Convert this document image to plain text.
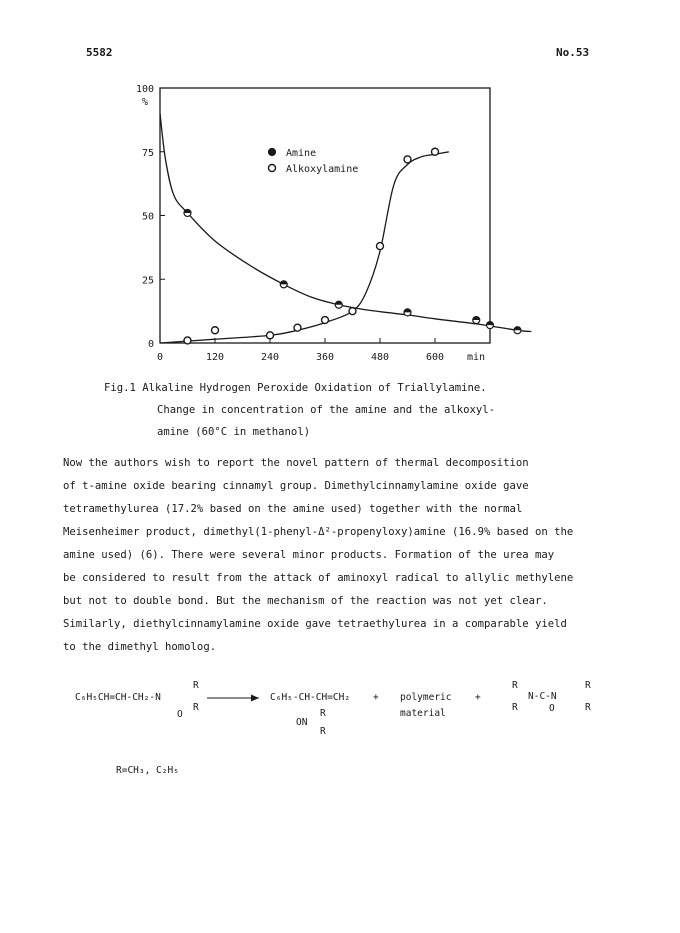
5582	No.53
0
25
50
75
100
0	120	240	360	480	600
%
min
Amine
Alkoxylamine
Fig.1 Alkaline Hydrogen Peroxide Oxidation of Triallylamine.
Change in concentration of the amine and the alkoxyl-
amine (60°C in methanol)

Now the authors wish to report the novel pattern of thermal decomposition

of t-amine oxide bearing cinnamyl group. Dimethylcinnamylamine oxide gave

tetramethylurea (17.2% based on the amine used) together with the normal

Meisenheimer product, dimethyl(1-phenyl-Δ²-propenyloxy)amine (16.9% based on the

amine used) (6). There were several minor products. Formation of the urea may

be considered to result from the attack of aminoxyl radical to allylic methylene

but not to double bond. But the mechanism of the reaction was not yet clear.

Similarly, diethylcinnamylamine oxide gave tetraethylurea in a comparable yield

to the dimethyl homolog.

C₆H₅CH=CH-CH₂-N
R
R
O
→ C₆H₅-CH-CH=CH₂
ON
R
R
+ polymeric
material
+	N-C-N
R
R
R
R
O
R=CH₃, C₂H₅
